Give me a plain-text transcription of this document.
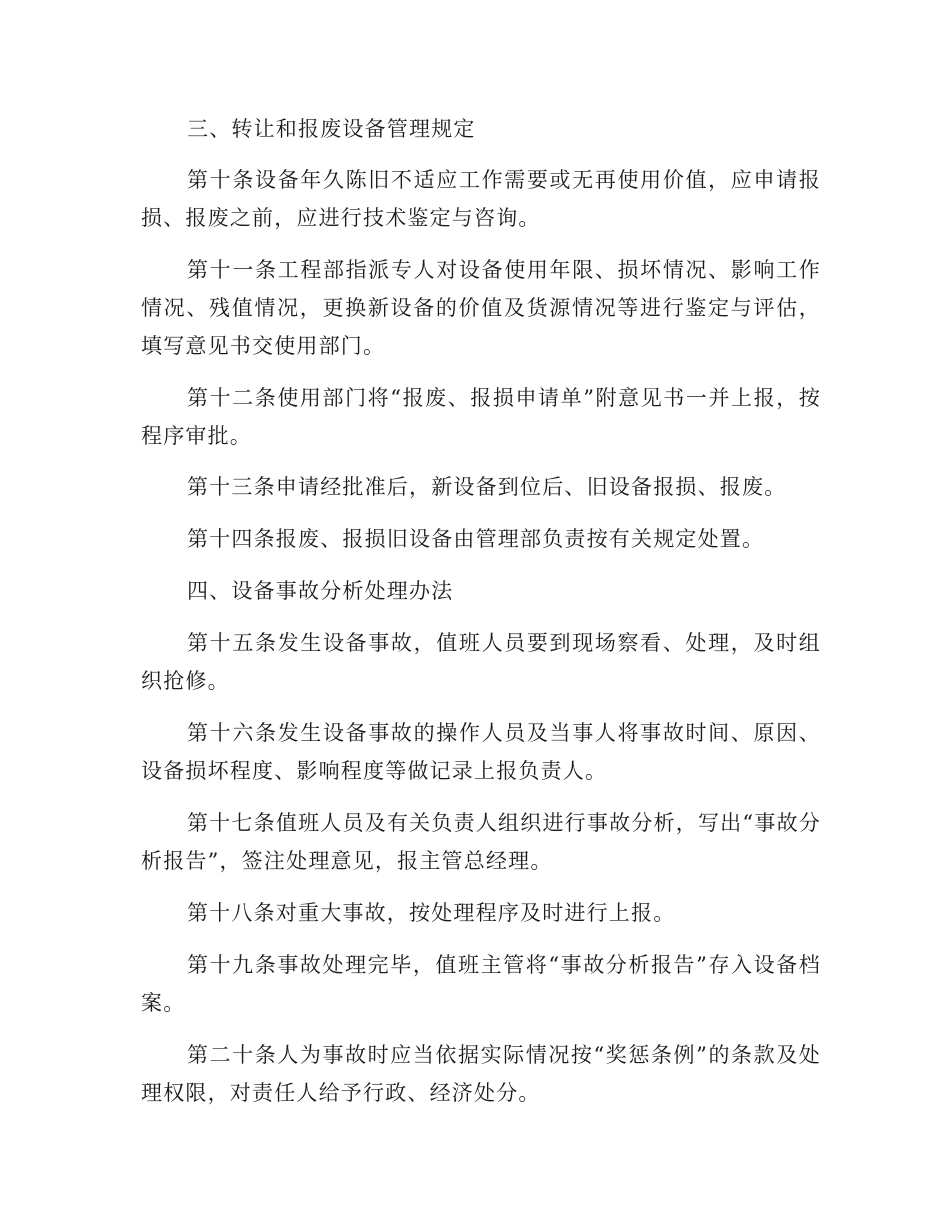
三、转让和报废设备管理规定

第十条设备年久陈旧不适应工作需要或无再使用价值，应申请报损、报废之前，应进行技术鉴定与咨询。

第十一条工程部指派专人对设备使用年限、损坏情况、影响工作情况、残值情况，更换新设备的价值及货源情况等进行鉴定与评估，填写意见书交使用部门。

第十二条使用部门将“报废、报损申请单”附意见书一并上报，按程序审批。

第十三条申请经批准后，新设备到位后、旧设备报损、报废。

第十四条报废、报损旧设备由管理部负责按有关规定处置。

四、设备事故分析处理办法

第十五条发生设备事故，值班人员要到现场察看、处理，及时组织抢修。

第十六条发生设备事故的操作人员及当事人将事故时间、原因、设备损坏程度、影响程度等做记录上报负责人。

第十七条值班人员及有关负责人组织进行事故分析，写出“事故分析报告”，签注处理意见，报主管总经理。

第十八条对重大事故，按处理程序及时进行上报。

第十九条事故处理完毕，值班主管将“事故分析报告”存入设备档案。

第二十条人为事故时应当依据实际情况按“奖惩条例”的条款及处理权限，对责任人给予行政、经济处分。
